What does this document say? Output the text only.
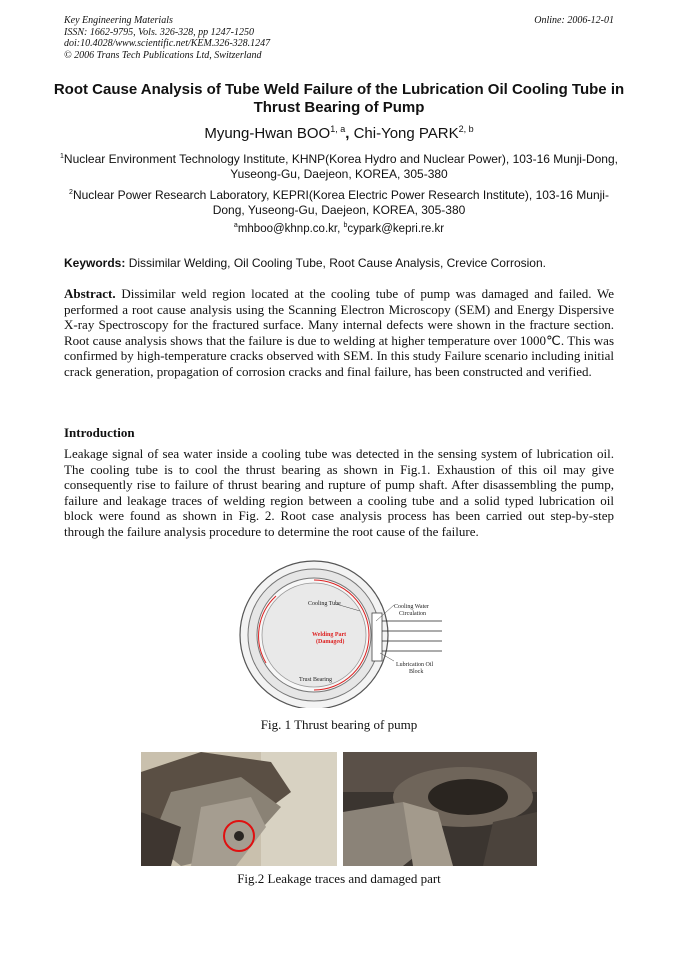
Key Engineering Materials
ISSN: 1662-9795, Vols. 326-328, pp 1247-1250
doi:10.4028/www.scientific.net/KEM.326-328.1247
© 2006 Trans Tech Publications Ltd, Switzerland
Online: 2006-12-01
Root Cause Analysis of Tube Weld Failure of the Lubrication Oil Cooling Tube in Thrust Bearing of Pump
Myung-Hwan BOO$^{1, a}$, Chi-Yong PARK$^{2, b}$
$^1$Nuclear Environment Technology Institute, KHNP(Korea Hydro and Nuclear Power), 103-16 Munji-Dong, Yuseong-Gu, Daejeon, KOREA, 305-380
$^2$Nuclear Power Research Laboratory, KEPRI(Korea Electric Power Research Institute), 103-16 Munji-Dong, Yuseong-Gu, Daejeon, KOREA, 305-380
$^a$mhboo@khnp.co.kr, $^b$cypark@kepri.re.kr
Keywords: Dissimilar Welding, Oil Cooling Tube, Root Cause Analysis, Crevice Corrosion.
Abstract. Dissimilar weld region located at the cooling tube of pump was damaged and failed. We performed a root cause analysis using the Scanning Electron Microscopy (SEM) and Energy Dispersive X-ray Spectroscopy for the fractured surface. Many internal defects were shown in the fracture section. Root cause analysis shows that the failure is due to welding at higher temperature over 1000℃. This was confirmed by high-temperature cracks observed with SEM. In this study Failure scenario including initial crack generation, propagation of corrosion cracks and final failure, has been constructed and verified.
Introduction
Leakage signal of sea water inside a cooling tube was detected in the sensing system of lubrication oil. The cooling tube is to cool the thrust bearing as shown in Fig.1. Exhaustion of this oil may give consequently rise to failure of thrust bearing and rupture of pump shaft. After disassembling the pump, failure and leakage traces of welding region between a cooling tube and a solid typed lubrication oil block were found as shown in Fig. 2. Root case analysis process has been carried out step-by-step through the failure analysis procedure to determine the root cause of the failure.
Cooling Tube	Cooling Water
Circulation
Welding Part
(Damaged)
Lubrication Oil
Block
Trust Bearing
Fig. 1 Thrust bearing of pump
Fig.2 Leakage traces and damaged part
